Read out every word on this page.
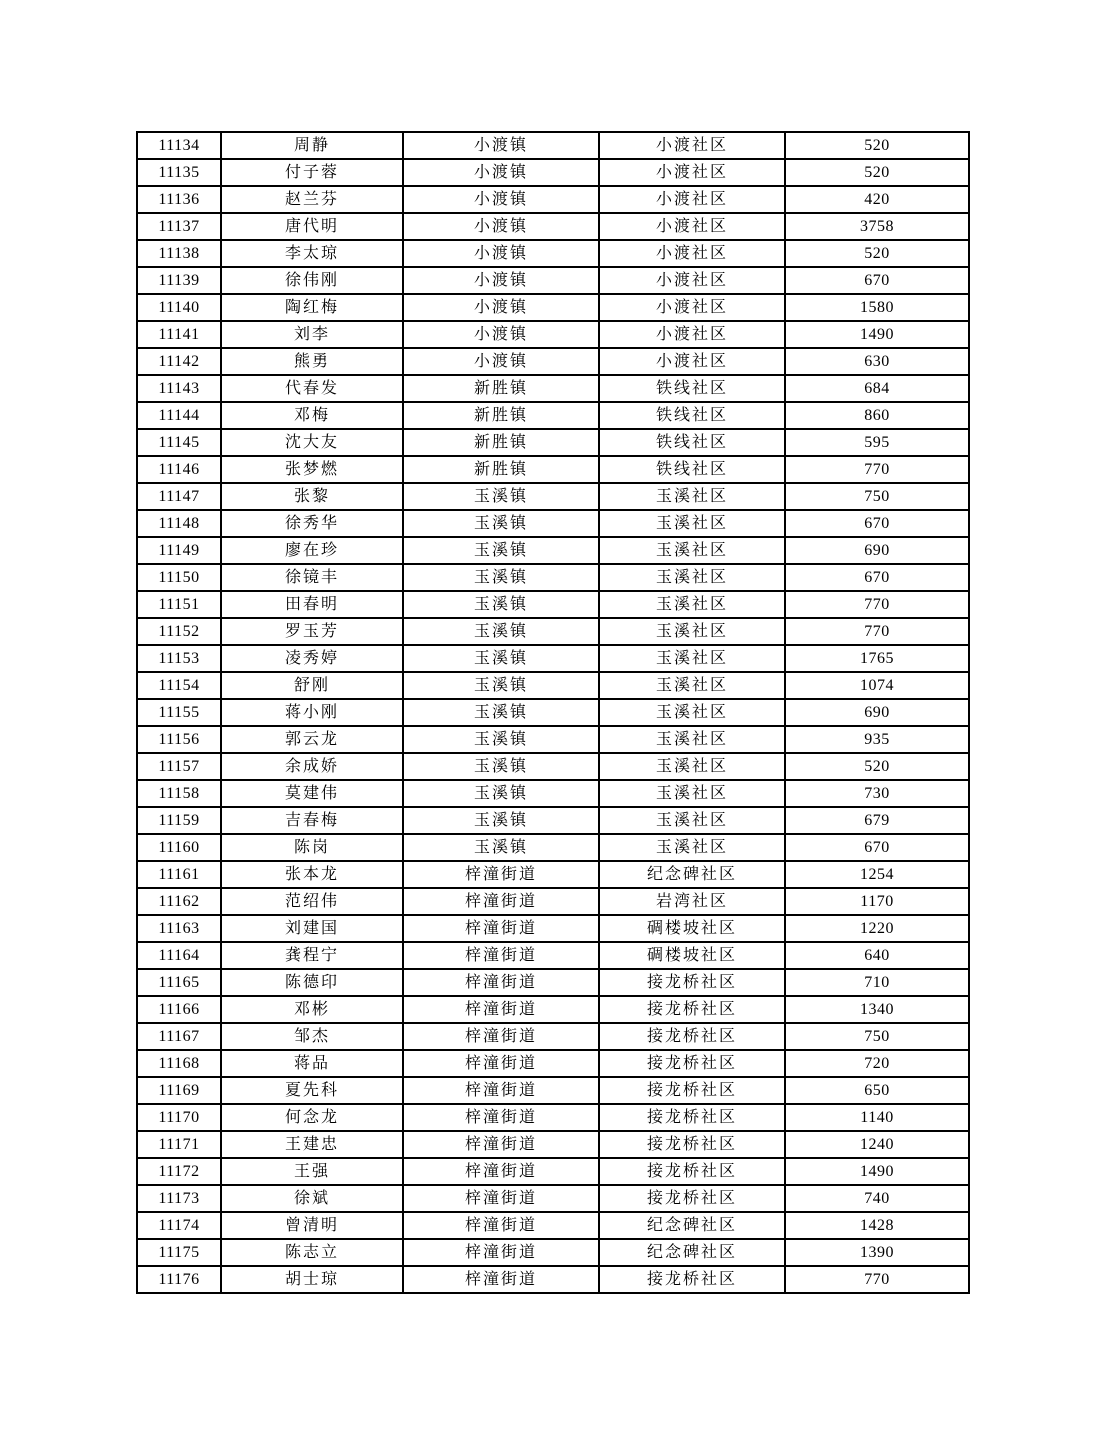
11134	周静	小渡镇	小渡社区	520
11135	付子蓉	小渡镇	小渡社区	520
11136	赵兰芬	小渡镇	小渡社区	420
11137	唐代明	小渡镇	小渡社区	3758
11138	李太琼	小渡镇	小渡社区	520
11139	徐伟刚	小渡镇	小渡社区	670
11140	陶红梅	小渡镇	小渡社区	1580
11141	刘李	小渡镇	小渡社区	1490
11142	熊勇	小渡镇	小渡社区	630
11143	代春发	新胜镇	铁线社区	684
11144	邓梅	新胜镇	铁线社区	860
11145	沈大友	新胜镇	铁线社区	595
11146	张梦燃	新胜镇	铁线社区	770
11147	张黎	玉溪镇	玉溪社区	750
11148	徐秀华	玉溪镇	玉溪社区	670
11149	廖在珍	玉溪镇	玉溪社区	690
11150	徐镜丰	玉溪镇	玉溪社区	670
11151	田春明	玉溪镇	玉溪社区	770
11152	罗玉芳	玉溪镇	玉溪社区	770
11153	凌秀婷	玉溪镇	玉溪社区	1765
11154	舒刚	玉溪镇	玉溪社区	1074
11155	蒋小刚	玉溪镇	玉溪社区	690
11156	郭云龙	玉溪镇	玉溪社区	935
11157	余成娇	玉溪镇	玉溪社区	520
11158	莫建伟	玉溪镇	玉溪社区	730
11159	吉春梅	玉溪镇	玉溪社区	679
11160	陈岗	玉溪镇	玉溪社区	670
11161	张本龙	梓潼街道	纪念碑社区	1254
11162	范绍伟	梓潼街道	岩湾社区	1170
11163	刘建国	梓潼街道	碉楼坡社区	1220
11164	龚程宁	梓潼街道	碉楼坡社区	640
11165	陈德印	梓潼街道	接龙桥社区	710
11166	邓彬	梓潼街道	接龙桥社区	1340
11167	邹杰	梓潼街道	接龙桥社区	750
11168	蒋品	梓潼街道	接龙桥社区	720
11169	夏先科	梓潼街道	接龙桥社区	650
11170	何念龙	梓潼街道	接龙桥社区	1140
11171	王建忠	梓潼街道	接龙桥社区	1240
11172	王强	梓潼街道	接龙桥社区	1490
11173	徐斌	梓潼街道	接龙桥社区	740
11174	曾清明	梓潼街道	纪念碑社区	1428
11175	陈志立	梓潼街道	纪念碑社区	1390
11176	胡士琼	梓潼街道	接龙桥社区	770
